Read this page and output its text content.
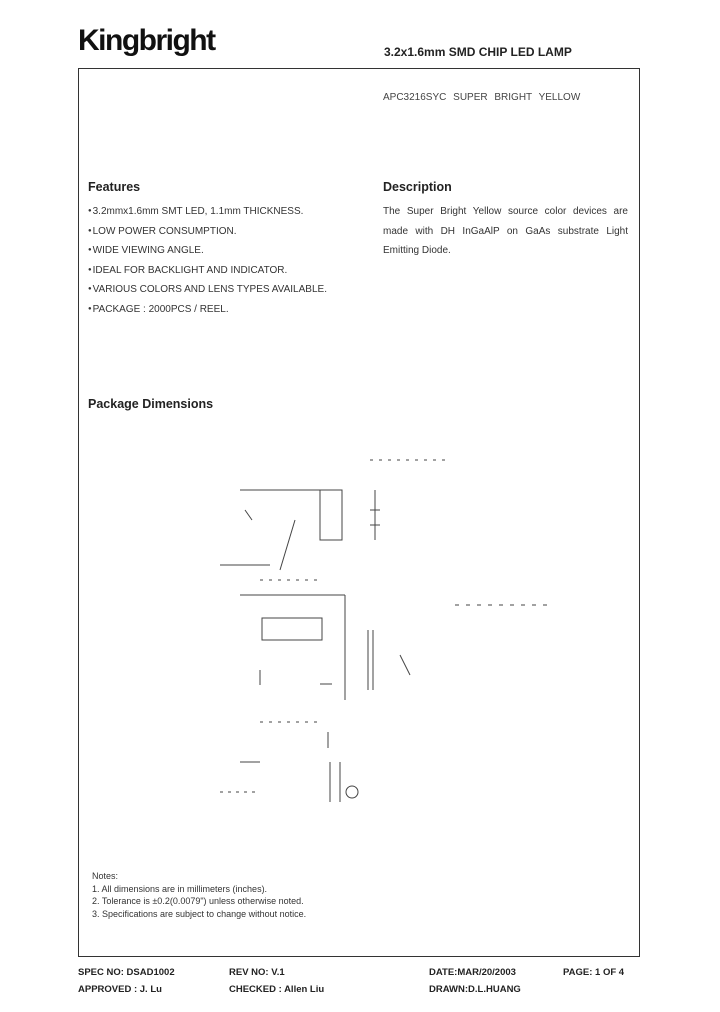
Kingbright	3.2x1.6mm SMD CHIP LED LAMP
APC3216SYC SUPER BRIGHT YELLOW
Features
● 3.2mmx1.6mm SMT LED, 1.1mm THICKNESS.
● LOW POWER CONSUMPTION.
● WIDE VIEWING ANGLE.
● IDEAL FOR BACKLIGHT AND INDICATOR.
● VARIOUS COLORS AND LENS TYPES AVAILABLE.
● PACKAGE : 2000PCS / REEL.
Description
The Super Bright Yellow source color devices are made with DH InGaAlP on GaAs substrate Light Emitting Diode.
Package Dimensions
Notes:
1. All dimensions are in millimeters (inches).
2. Tolerance is ±0.2(0.0079") unless otherwise noted.
3. Specifications are subject to change without notice.
SPEC NO: DSAD1002	REV NO: V.1	DATE:MAR/20/2003	PAGE: 1 OF 4
APPROVED : J. Lu	CHECKED : Allen Liu	DRAWN:D.L.HUANG
